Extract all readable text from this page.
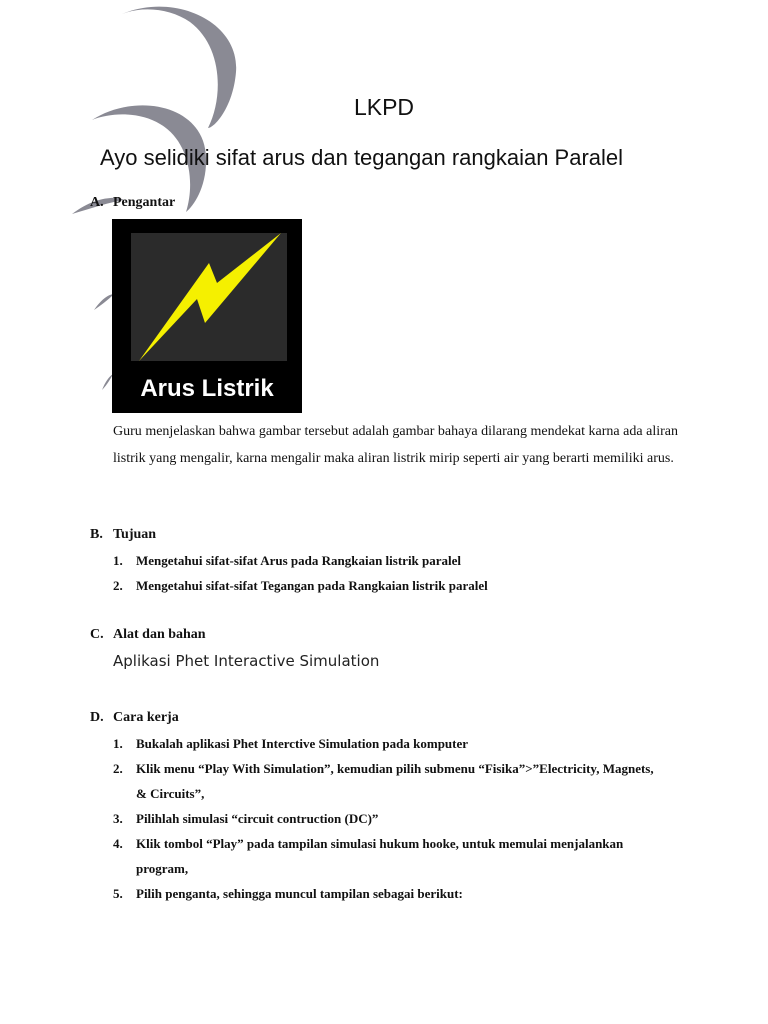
LKPD
Ayo selidiki sifat arus dan tegangan rangkaian Paralel
A. Pengantar
Arus Listrik
Guru menjelaskan bahwa gambar tersebut adalah gambar bahaya dilarang mendekat karna ada aliran listrik yang mengalir, karna mengalir maka aliran listrik mirip seperti air yang berarti memiliki arus.
B. Tujuan
1. Mengetahui sifat-sifat Arus pada Rangkaian listrik paralel
2. Mengetahui sifat-sifat Tegangan pada Rangkaian listrik paralel
C. Alat dan bahan
Aplikasi Phet Interactive Simulation
D. Cara kerja
1. Bukalah aplikasi Phet Interctive Simulation pada komputer
2. Klik menu “Play With Simulation”, kemudian pilih submenu “Fisika”>”Electricity, Magnets,
& Circuits”,
3. Pilihlah simulasi “circuit contruction (DC)”
4. Klik tombol “Play” pada tampilan simulasi hukum hooke, untuk memulai menjalankan
program,
5. Pilih penganta, sehingga muncul tampilan sebagai berikut:
